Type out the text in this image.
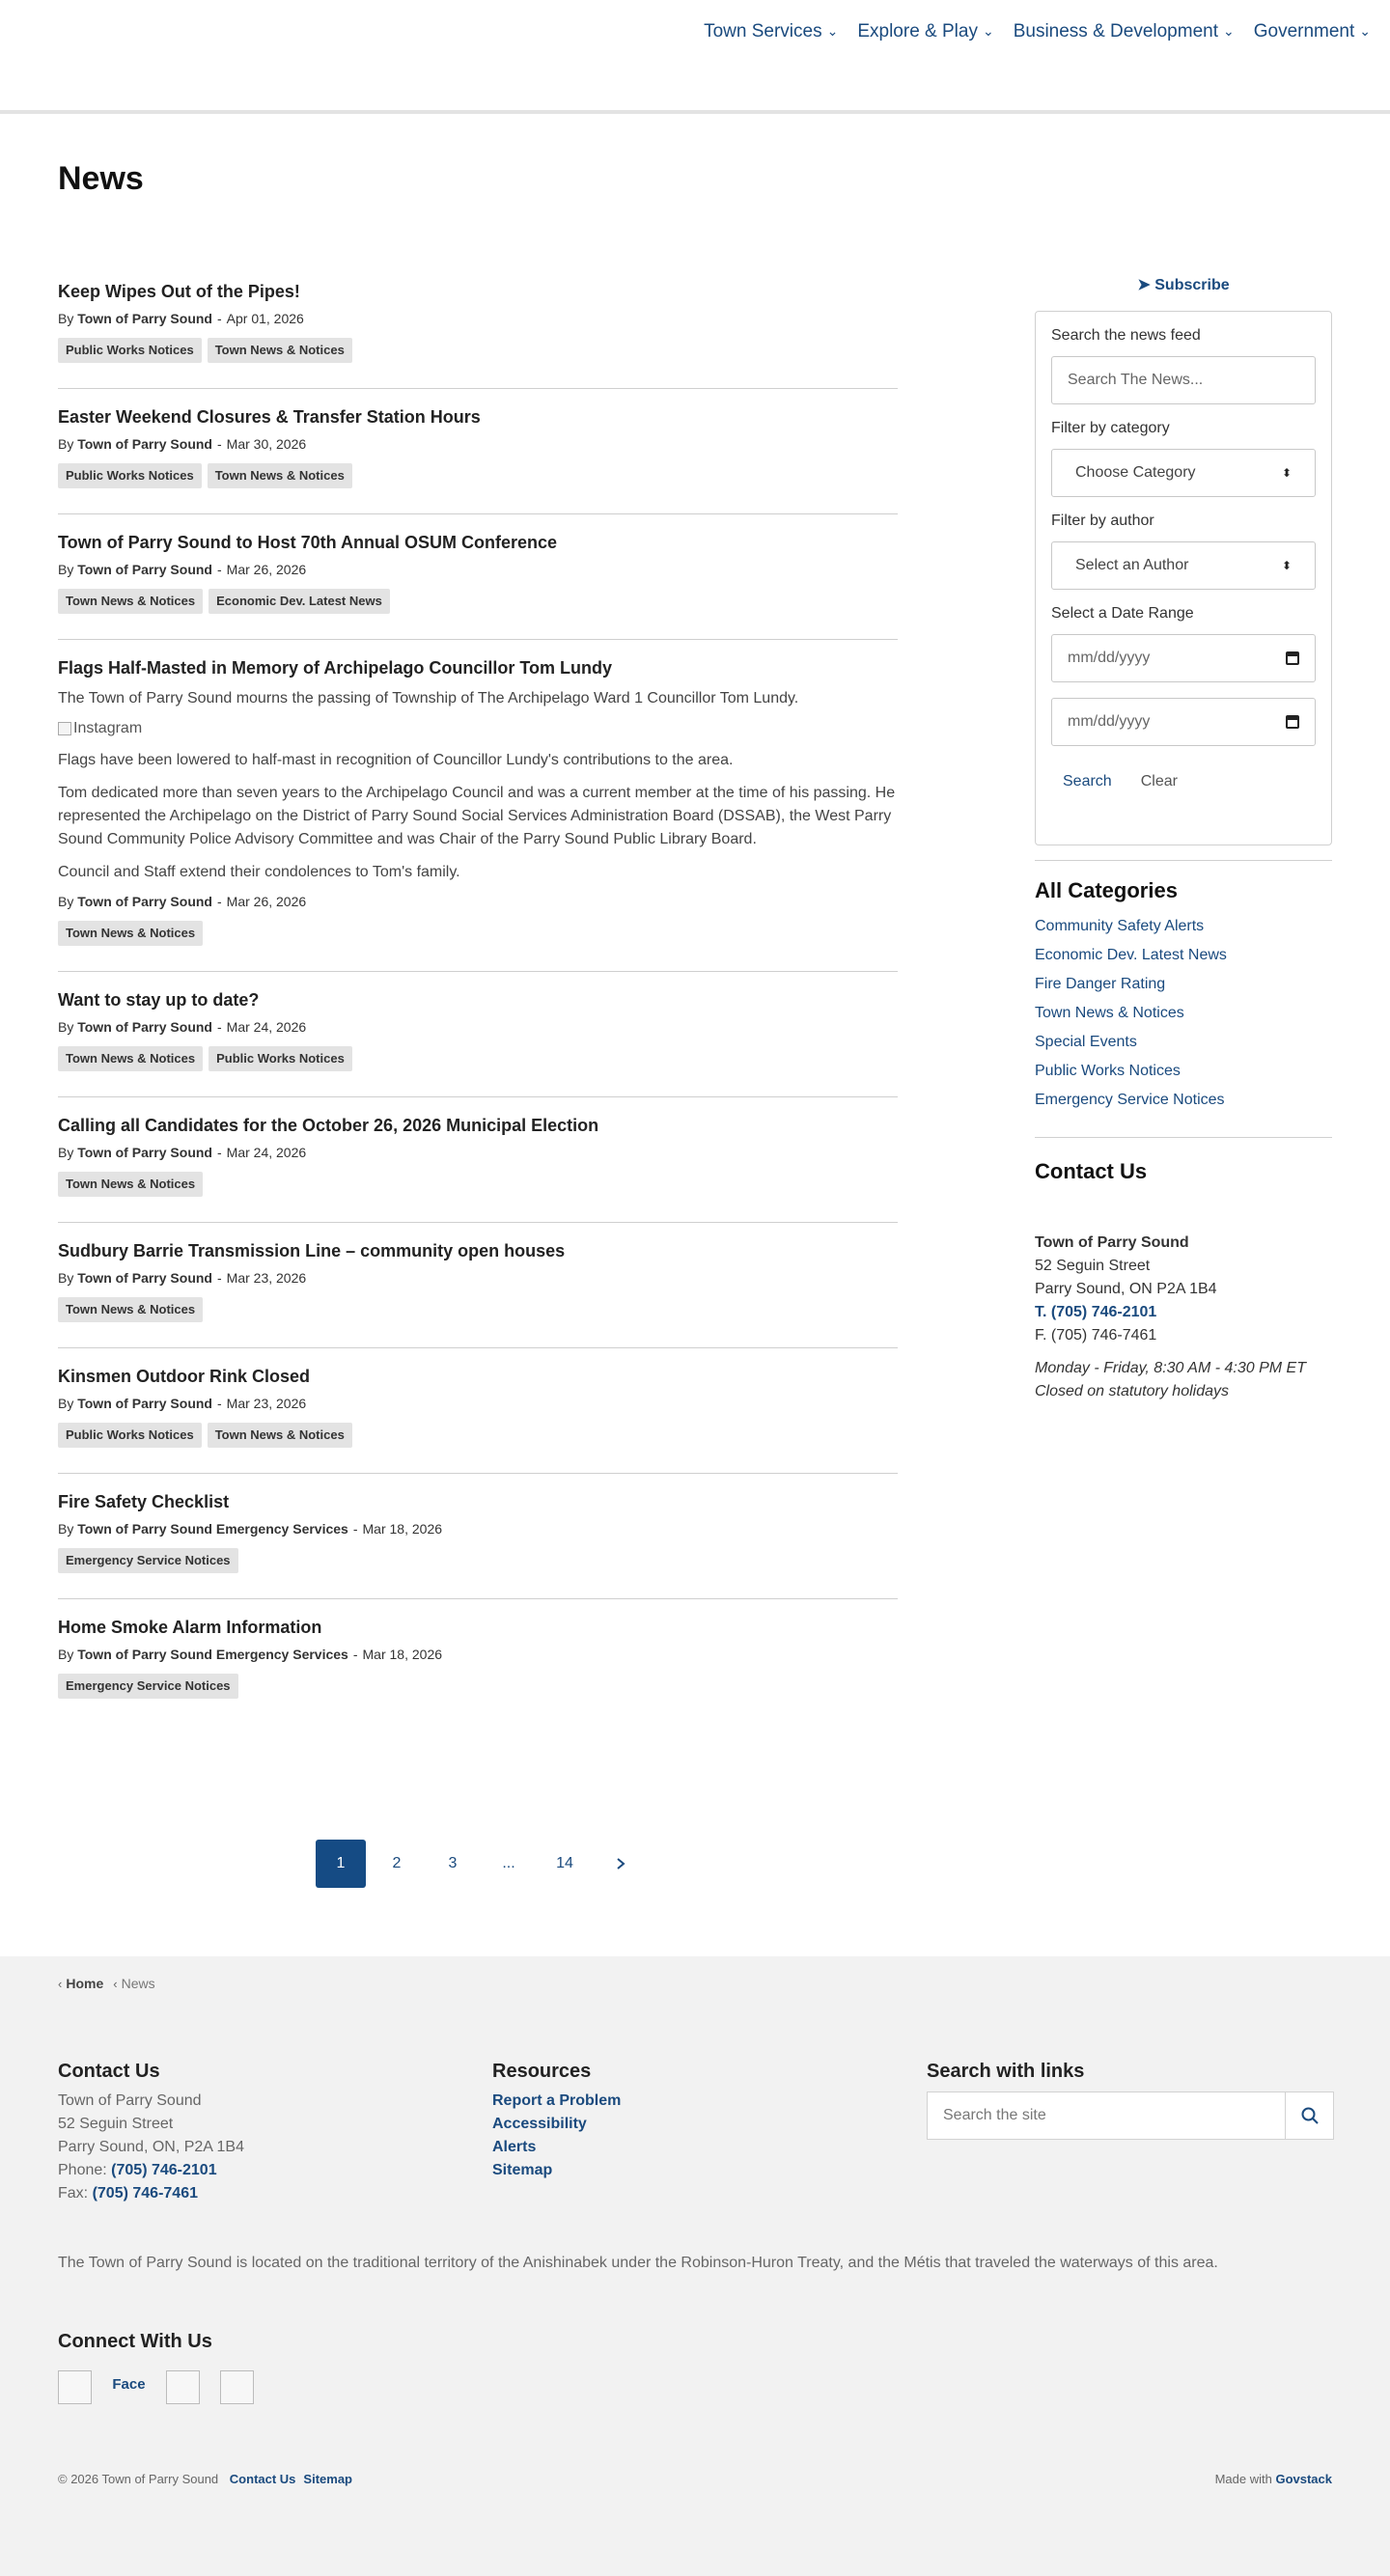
Town Services ⌄ Explore & Play ⌄ Business & Development ⌄ Government ⌄
News
Keep Wipes Out of the Pipes!
By Town of Parry Sound - Apr 01, 2026
Public Works Notices	Town News & Notices
Easter Weekend Closures & Transfer Station Hours
By Town of Parry Sound - Mar 30, 2026
Public Works Notices	Town News & Notices
Town of Parry Sound to Host 70th Annual OSUM Conference
By Town of Parry Sound - Mar 26, 2026
Town News & Notices	Economic Dev. Latest News
Flags Half-Masted in Memory of Archipelago Councillor Tom Lundy

The Town of Parry Sound mourns the passing of Township of The Archipelago Ward 1 Councillor Tom Lundy.

Instagram

Flags have been lowered to half-mast in recognition of Councillor Lundy's contributions to the area.

Tom dedicated more than seven years to the Archipelago Council and was a current member at the time of his passing. He represented the Archipelago on the District of Parry Sound Social Services Administration Board (DSSAB), the West Parry Sound Community Police Advisory Committee and was Chair of the Parry Sound Public Library Board.

Council and Staff extend their condolences to Tom's family.

By Town of Parry Sound - Mar 26, 2026
Town News & Notices
Want to stay up to date?
By Town of Parry Sound - Mar 24, 2026
Town News & Notices	Public Works Notices
Calling all Candidates for the October 26, 2026 Municipal Election
By Town of Parry Sound - Mar 24, 2026
Town News & Notices
Sudbury Barrie Transmission Line – community open houses
By Town of Parry Sound - Mar 23, 2026
Town News & Notices
Kinsmen Outdoor Rink Closed
By Town of Parry Sound - Mar 23, 2026
Public Works Notices	Town News & Notices
Fire Safety Checklist
By Town of Parry Sound Emergency Services - Mar 18, 2026
Emergency Service Notices
Home Smoke Alarm Information
By Town of Parry Sound Emergency Services - Mar 18, 2026
Emergency Service Notices
1	2	3	...	14
➤ Subscribe
Search the news feed
Search The News...
Filter by category
Choose Category	⬍
Filter by author
Select an Author	⬍
Select a Date Range
mm/dd/yyyy
mm/dd/yyyy
Search Clear
All Categories
Community Safety Alerts
Economic Dev. Latest News
Fire Danger Rating
Town News & Notices
Special Events
Public Works Notices
Emergency Service Notices
Contact Us
Town of Parry Sound
52 Seguin Street
Parry Sound, ON P2A 1B4
T. (705) 746-2101
F. (705) 746-7461
Monday - Friday, 8:30 AM - 4:30 PM ET
Closed on statutory holidays
‹ Home ‹ News
Contact Us
Town of Parry Sound
52 Seguin Street
Parry Sound, ON, P2A 1B4
Phone: (705) 746-2101
Fax: (705) 746-7461
Resources
Report a Problem
Accessibility
Alerts
Sitemap
Search with links
Search the site
The Town of Parry Sound is located on the traditional territory of the Anishinabek under the Robinson-Huron Treaty, and the Métis that traveled the waterways of this area.
Connect With Us
Face
© 2026 Town of Parry Sound Contact Us Sitemap	Made with Govstack
